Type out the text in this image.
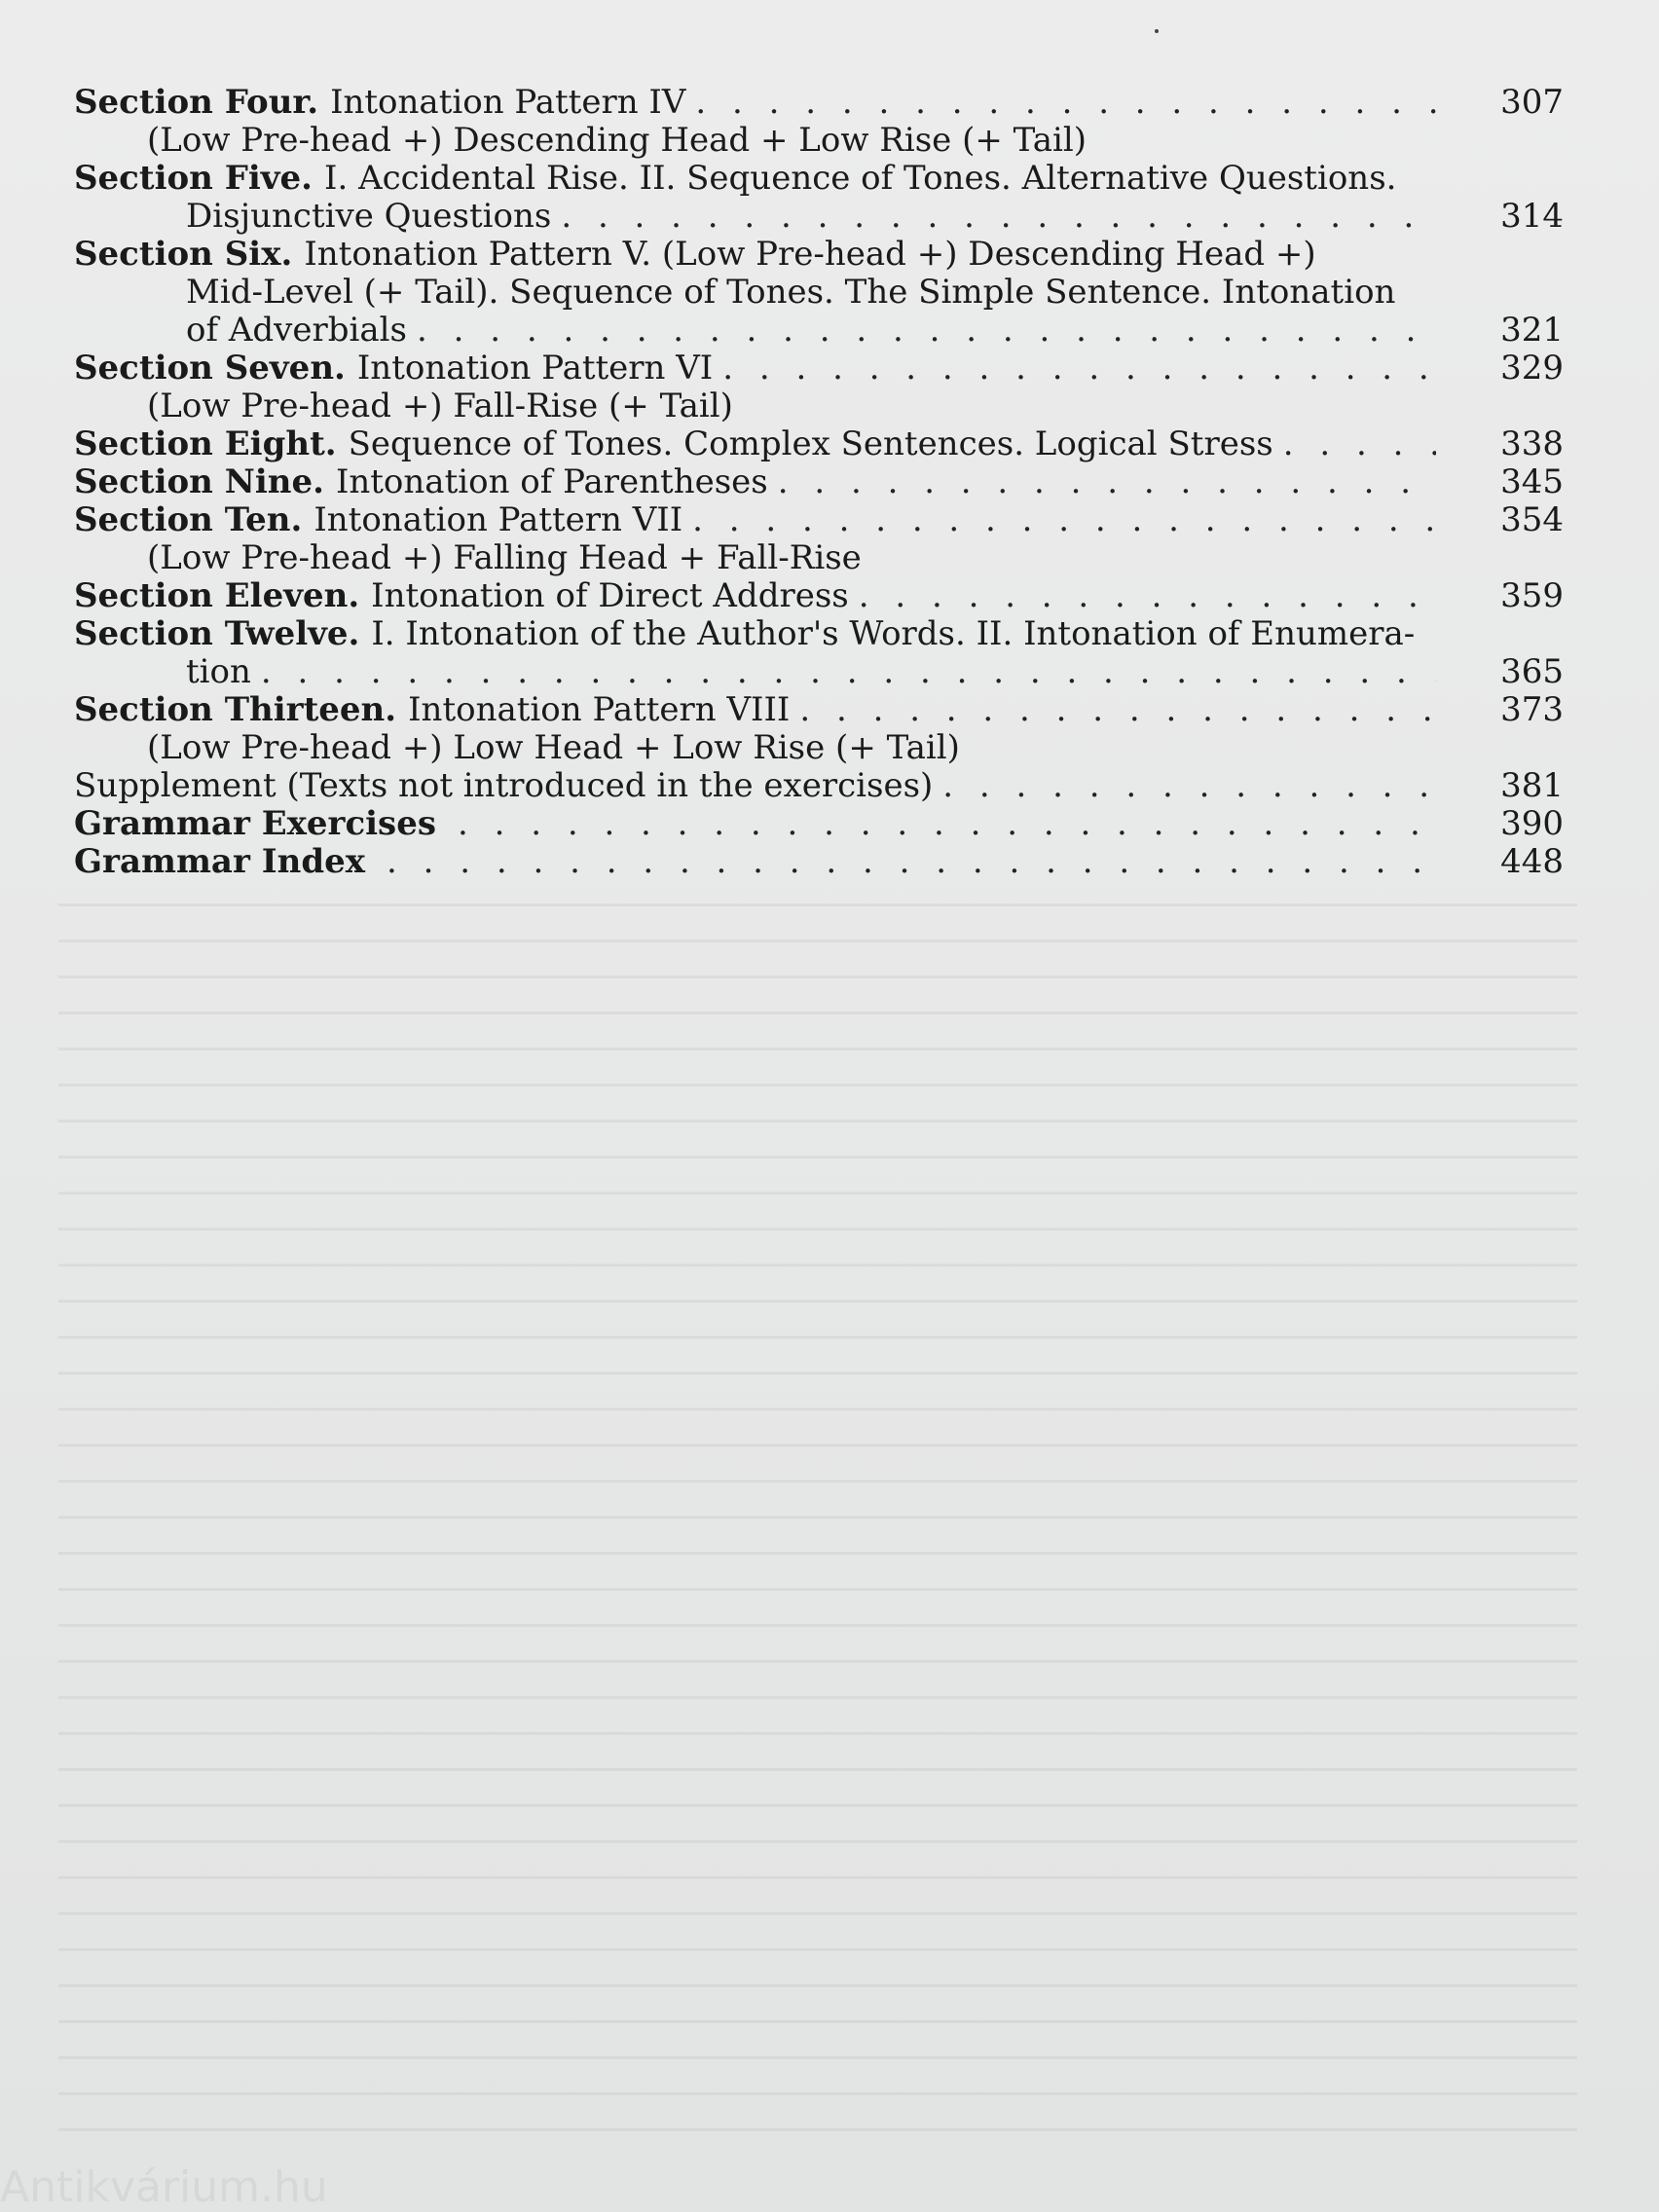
Section Four. Intonation Pattern IV . . .	307
(Low Pre-head +) Descending Head + Low Rise (+ Tail)
Section Five. I. Accidental Rise. II. Sequence of Tones. Alternative Questions.
Disjunctive Questions . . .	314
Section Six. Intonation Pattern V. (Low Pre-head +) Descending Head +)
Mid-Level (+ Tail). Sequence of Tones. The Simple Sentence. Intonation
of Adverbials . . .	321
Section Seven. Intonation Pattern VI . . .	329
(Low Pre-head +) Fall-Rise (+ Tail)
Section Eight. Sequence of Tones. Complex Sentences. Logical Stress . . .	338
Section Nine. Intonation of Parentheses . . .	345
Section Ten. Intonation Pattern VII . . .	354
(Low Pre-head +) Falling Head + Fall-Rise
Section Eleven. Intonation of Direct Address . . .	359
Section Twelve. I. Intonation of the Author's Words. II. Intonation of Enumera-
tion . . .	365
Section Thirteen. Intonation Pattern VIII . . .	373
(Low Pre-head +) Low Head + Low Rise (+ Tail)
Supplement (Texts not introduced in the exercises) . . .	381
Grammar Exercises . . .	390
Grammar Index . . .	448
Antikvárium.hu
